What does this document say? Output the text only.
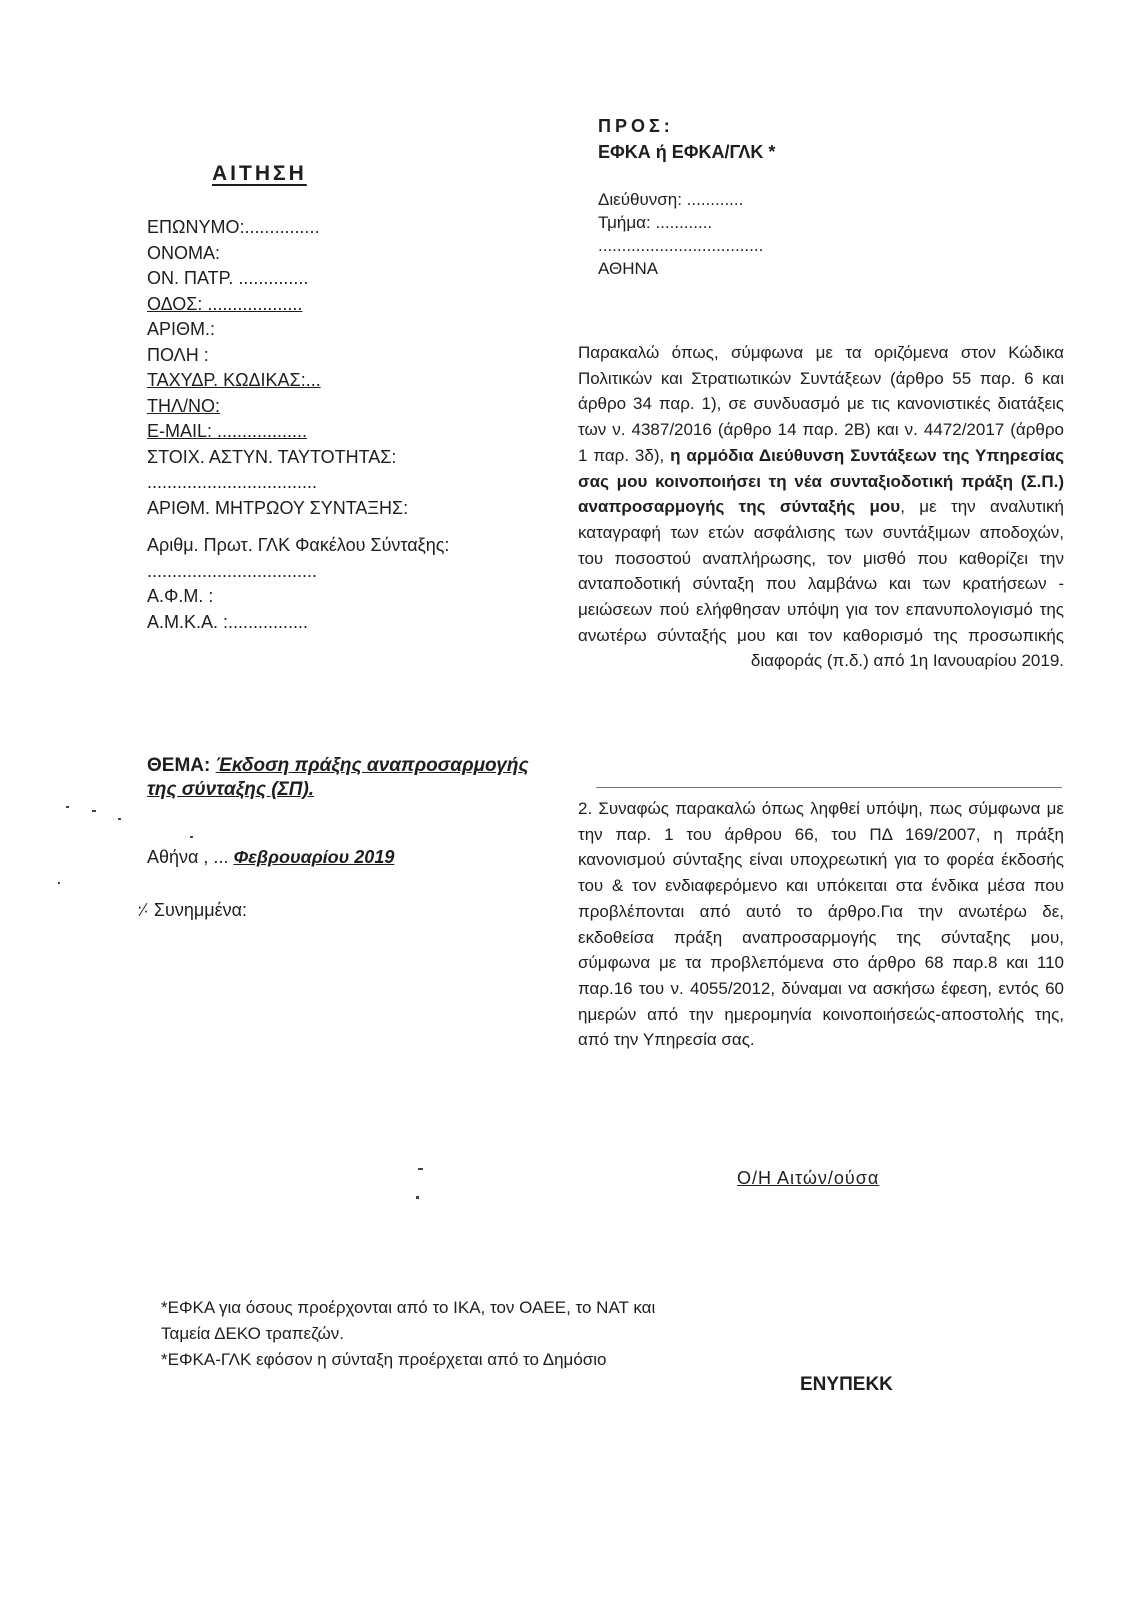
ΑΙΤΗΣΗ
ΕΠΩΝΥΜΟ:...............
ΟΝΟΜΑ:
ΟΝ. ΠΑΤΡ. ..............
ΟΔΟΣ: ...................
ΑΡΙΘΜ.:
ΠΟΛΗ :
ΤΑΧΥΔΡ. ΚΩΔΙΚΑΣ:...
ΤΗΛ/ΝΟ:
E-MAIL: ..................
ΣΤΟΙΧ. ΑΣΤΥΝ. ΤΑΥΤΟΤΗΤΑΣ:
..................................
ΑΡΙΘΜ. ΜΗΤΡΩΟΥ ΣΥΝΤΑΞΗΣ:
Αριθμ. Πρωτ. ΓΛΚ Φακέλου Σύνταξης:
..................................
Α.Φ.Μ. :
Α.Μ.Κ.Α. :................
ΘΕΜΑ: Έκδοση πράξης αναπροσαρμογής της σύνταξης (ΣΠ).
Αθήνα , ... Φεβρουαρίου 2019
⸓ Συνημμένα:
ΠΡΟΣ:
ΕΦΚΑ ή ΕΦΚΑ/ΓΛΚ *
Διεύθυνση: ............
Τμήμα: ............
...................................
ΑΘΗΝΑ
Παρακαλώ όπως, σύμφωνα με τα οριζόμενα στον Κώδικα Πολιτικών και Στρατιωτικών Συντάξεων (άρθρο 55 παρ. 6 και άρθρο 34 παρ. 1), σε συνδυασμό με τις κανονιστικές διατάξεις των ν. 4387/2016 (άρθρο 14 παρ. 2Β) και ν. 4472/2017 (άρθρο 1 παρ. 3δ), η αρμόδια Διεύθυνση Συντάξεων της Υπηρεσίας σας μου κοινοποιήσει τη νέα συνταξιοδοτική πράξη (Σ.Π.) αναπροσαρμογής της σύνταξής μου, με την αναλυτική καταγραφή των ετών ασφάλισης των συντάξιμων αποδοχών, του ποσοστού αναπλήρωσης, τον μισθό που καθορίζει την ανταποδοτική σύνταξη που λαμβάνω και των κρατήσεων - μειώσεων πού ελήφθησαν υπόψη για τον επανυπολογισμό της ανωτέρω σύνταξής μου και τον καθορισμό της προσωπικής διαφοράς (π.δ.) από 1η Ιανουαρίου 2019.
2. Συναφώς παρακαλώ όπως ληφθεί υπόψη, πως σύμφωνα με την παρ. 1 του άρθρου 66, του ΠΔ 169/2007, η πράξη κανονισμού σύνταξης είναι υποχρεωτική για το φορέα έκδοσής του & τον ενδιαφερόμενο και υπόκειται στα ένδικα μέσα που προβλέπονται από αυτό το άρθρο.Για την ανωτέρω δε, εκδοθείσα πράξη αναπροσαρμογής της σύνταξης μου, σύμφωνα με τα προβλεπόμενα στο άρθρο 68 παρ.8 και 110 παρ.16 του ν. 4055/2012, δύναμαι να ασκήσω έφεση, εντός 60 ημερών από την ημερομηνία κοινοποιήσεώς-αποστολής της, από την Υπηρεσία σας.
Ο/Η Αιτών/ούσα
*ΕΦΚΑ για όσους προέρχονται από το ΙΚΑ, τον ΟΑΕΕ, το ΝΑΤ και
Ταμεία ΔΕΚΟ τραπεζών.
*ΕΦΚΑ-ΓΛΚ εφόσον η σύνταξη προέρχεται από το Δημόσιο
ΕΝΥΠΕΚΚ
